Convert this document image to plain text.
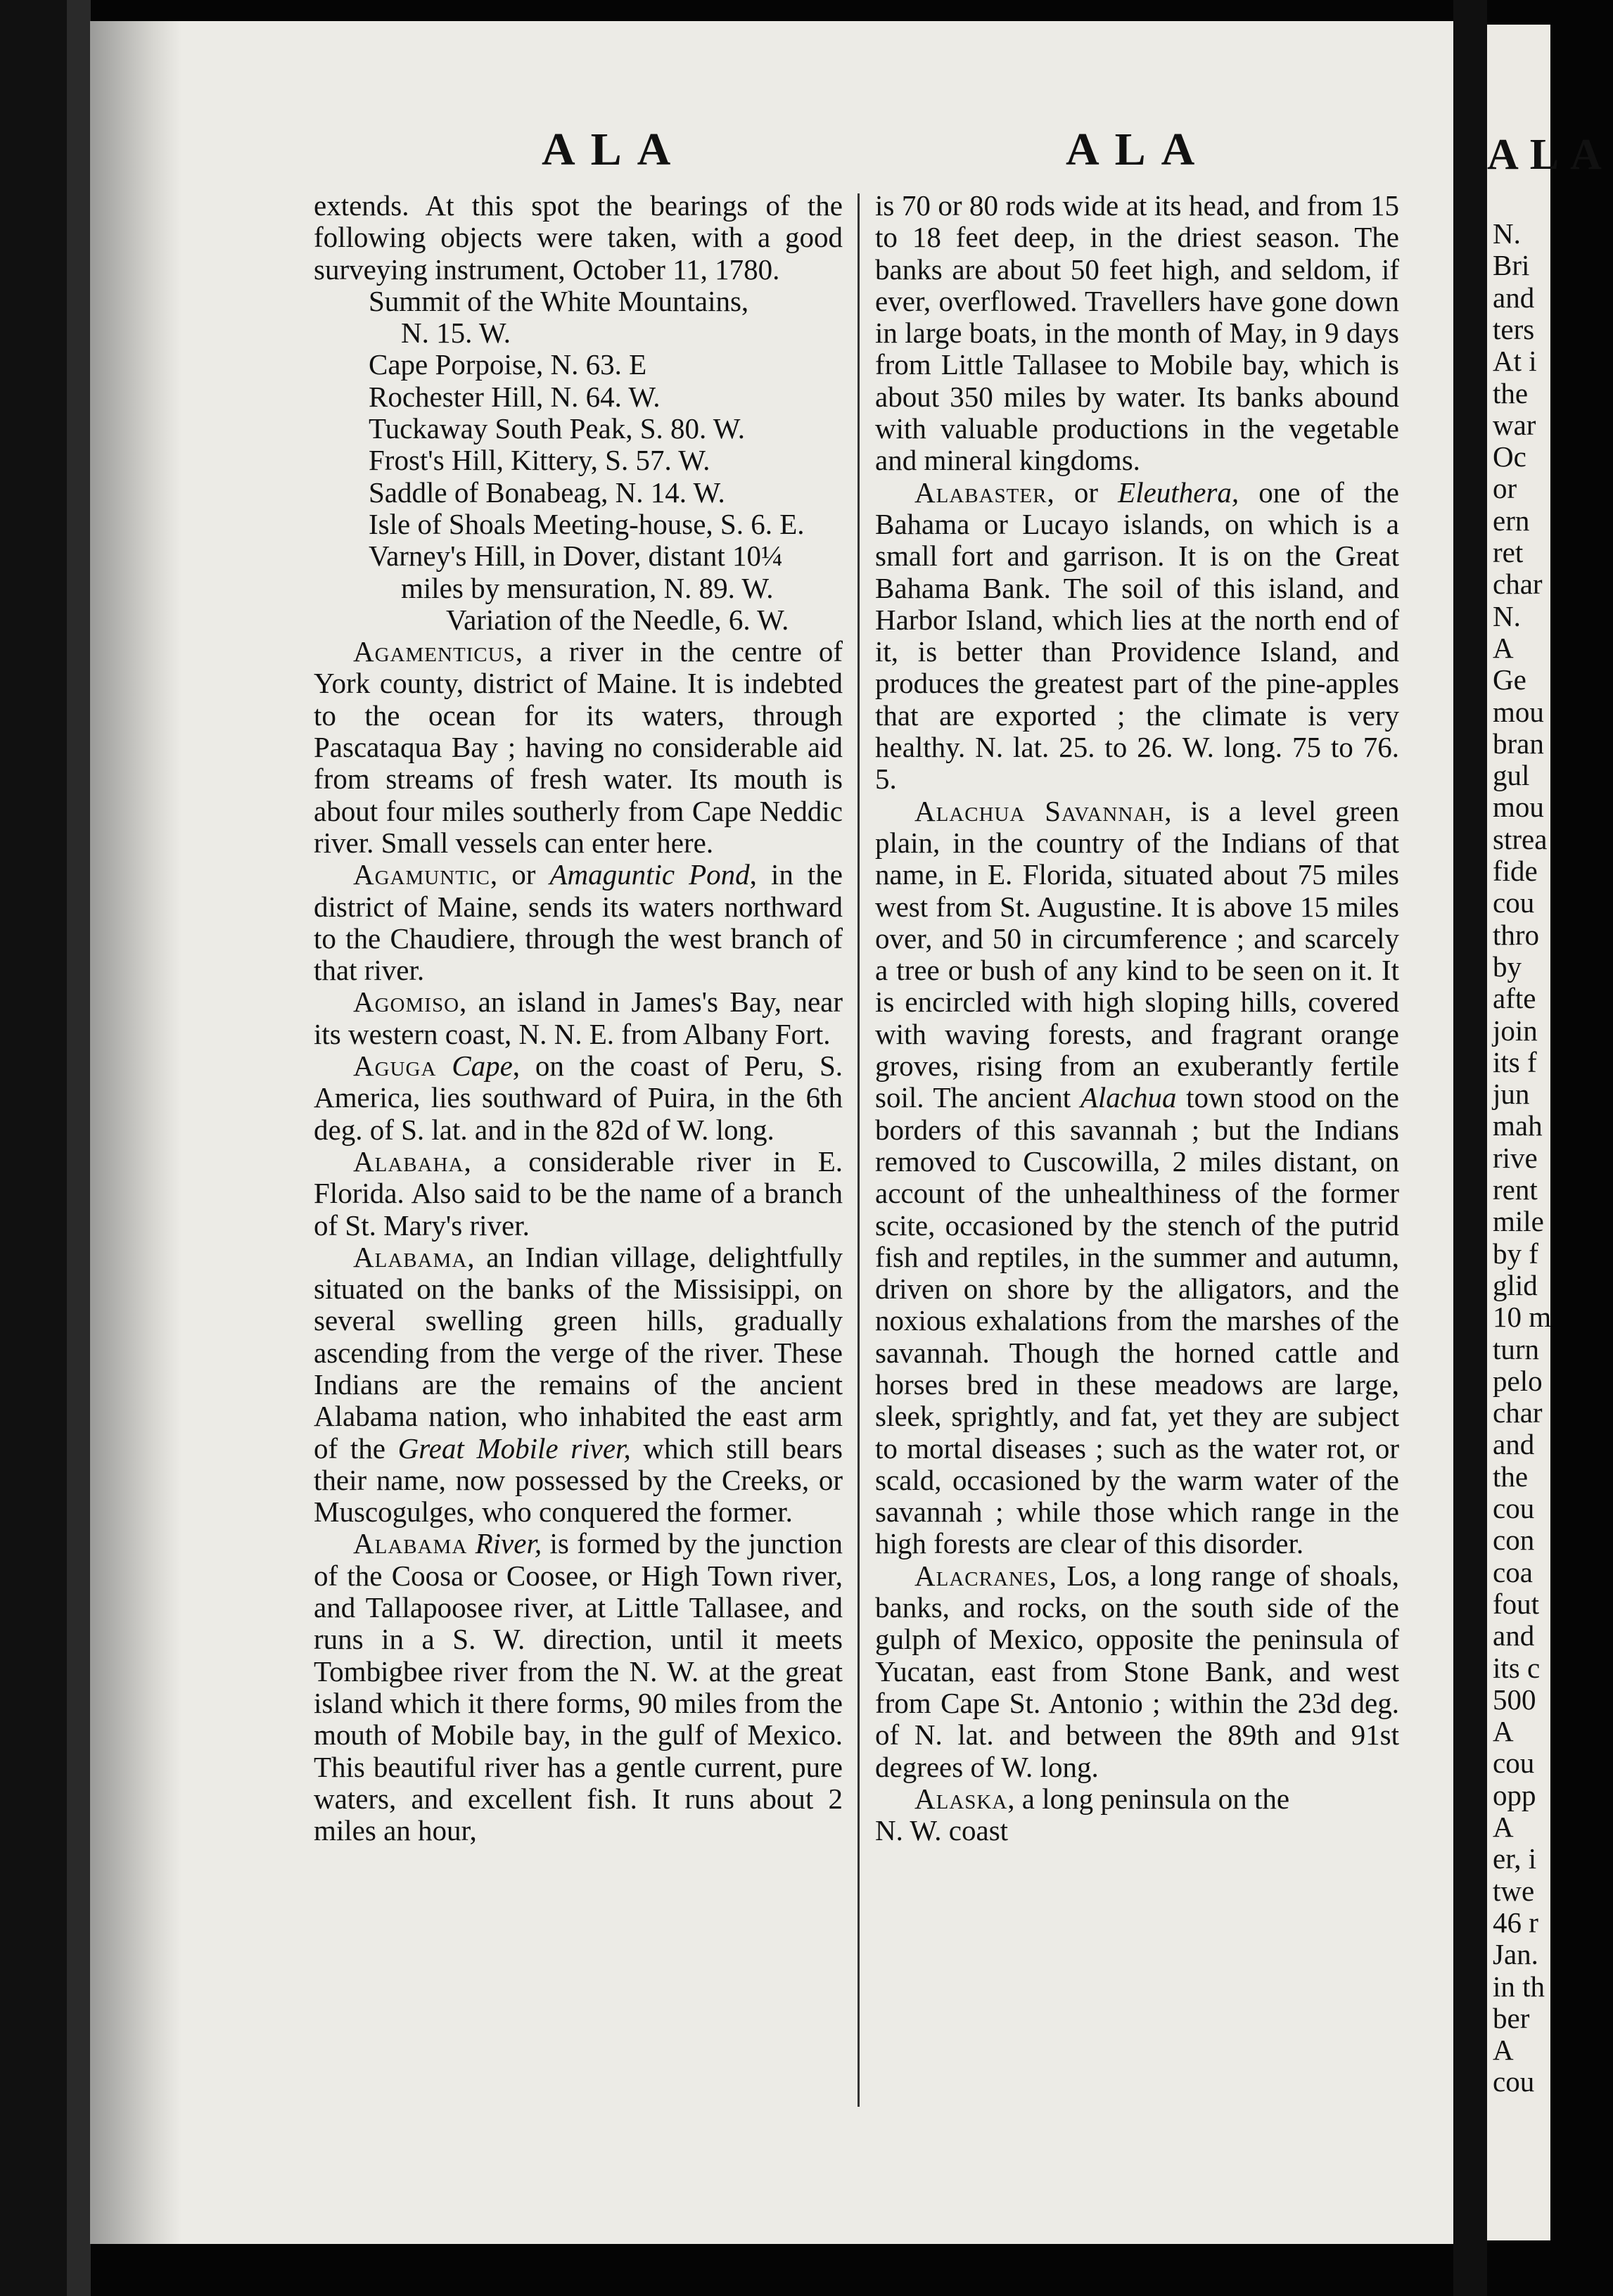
ALA	ALA

extends. At this spot the bearings of the following objects were taken, with a good surveying instrument, October 11, 1780.

Summit of the White Mountains,
N. 15. W.
Cape Porpoise, N. 63. E
Rochester Hill, N. 64. W.
Tuckaway South Peak, S. 80. W.
Frost's Hill, Kittery, S. 57. W.
Saddle of Bonabeag, N. 14. W.
Isle of Shoals Meeting-house, S. 6. E.
Varney's Hill, in Dover, distant 10¼
miles by mensuration, N. 89. W.
Variation of the Needle, 6. W.

Agamenticus, a river in the centre of York county, district of Maine. It is indebted to the ocean for its waters, through Pascataqua Bay ; having no considerable aid from streams of fresh water. Its mouth is about four miles southerly from Cape Neddic river. Small vessels can enter here.

Agamuntic, or Amaguntic Pond, in the district of Maine, sends its waters northward to the Chaudiere, through the west branch of that river.

Agomiso, an island in James's Bay, near its western coast, N. N. E. from Albany Fort.

Aguga Cape, on the coast of Peru, S. America, lies southward of Puira, in the 6th deg. of S. lat. and in the 82d of W. long.

Alabaha, a considerable river in E. Florida. Also said to be the name of a branch of St. Mary's river.

Alabama, an Indian village, delightfully situated on the banks of the Missisippi, on several swelling green hills, gradually ascending from the verge of the river. These Indians are the remains of the ancient Alabama nation, who inhabited the east arm of the Great Mobile river, which still bears their name, now possessed by the Creeks, or Muscogulges, who conquered the former.

Alabama River, is formed by the junction of the Coosa or Coosee, or High Town river, and Tallapoosee river, at Little Tallasee, and runs in a S. W. direction, until it meets Tombigbee river from the N. W. at the great island which it there forms, 90 miles from the mouth of Mobile bay, in the gulf of Mexico. This beautiful river has a gentle current, pure waters, and excellent fish. It runs about 2 miles an hour,

is 70 or 80 rods wide at its head, and from 15 to 18 feet deep, in the driest season. The banks are about 50 feet high, and seldom, if ever, overflowed. Travellers have gone down in large boats, in the month of May, in 9 days from Little Tallasee to Mobile bay, which is about 350 miles by water. Its banks abound with valuable productions in the vegetable and mineral kingdoms.

Alabaster, or Eleuthera, one of the Bahama or Lucayo islands, on which is a small fort and garrison. It is on the Great Bahama Bank. The soil of this island, and Harbor Island, which lies at the north end of it, is better than Providence Island, and produces the greatest part of the pine-apples that are exported ; the climate is very healthy. N. lat. 25. to 26. W. long. 75 to 76. 5.

Alachua Savannah, is a level green plain, in the country of the Indians of that name, in E. Florida, situated about 75 miles west from St. Augustine. It is above 15 miles over, and 50 in circumference ; and scarcely a tree or bush of any kind to be seen on it. It is encircled with high sloping hills, covered with waving forests, and fragrant orange groves, rising from an exuberantly fertile soil. The ancient Alachua town stood on the borders of this savannah ; but the Indians removed to Cuscowilla, 2 miles distant, on account of the unhealthiness of the former scite, occasioned by the stench of the putrid fish and reptiles, in the summer and autumn, driven on shore by the alligators, and the noxious exhalations from the marshes of the savannah. Though the horned cattle and horses bred in these meadows are large, sleek, sprightly, and fat, yet they are subject to mortal diseases ; such as the water rot, or scald, occasioned by the warm water of the savannah ; while those which range in the high forests are clear of this disorder.

Alacranes, Los, a long range of shoals, banks, and rocks, on the south side of the gulph of Mexico, opposite the peninsula of Yucatan, east from Stone Bank, and west from Cape St. Antonio ; within the 23d deg. of N. lat. and between the 89th and 91st degrees of W. long.

Alaska, a long peninsula on the

N. W. coast

ALA
N.
Bri
and
ters
At i
the
war
Oc
or
ern
ret
char
N.
A
Ge
mou
bran
gul
mou
strea
fide
cou
thro
by
afte
join
its f
jun
mah
rive
rent
mile
by f
glid
10 m
turn
pelo
char
and
the
cou
con
coa
fout
and
its c
500
A
cou
opp
A
er, i
twe
46 r
Jan.
in th
ber
A
cou
